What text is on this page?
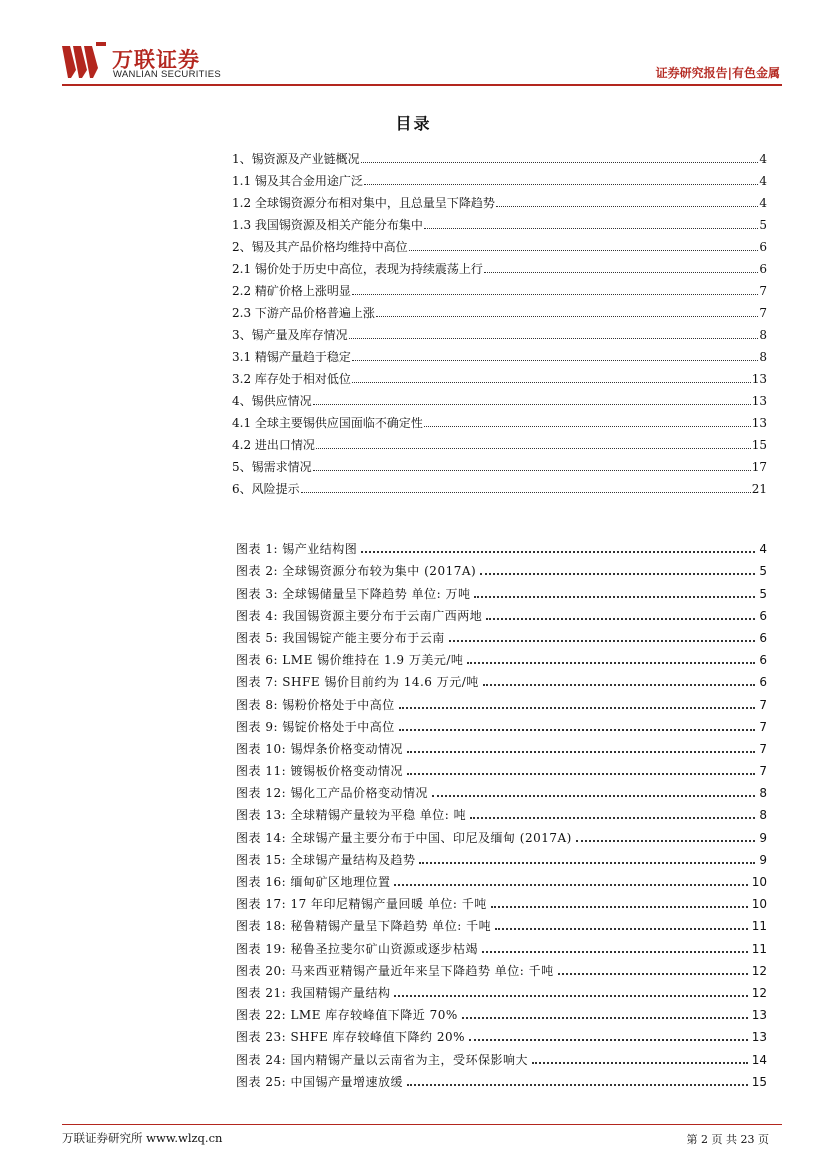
万联证券
WANLIAN SECURITIES	证券研究报告|有色金属
目录
1、锡资源及产业链概况	4
1.1 锡及其合金用途广泛	4
1.2 全球锡资源分布相对集中，且总量呈下降趋势	4
1.3 我国锡资源及相关产能分布集中	5
2、锡及其产品价格均维持中高位	6
2.1 锡价处于历史中高位，表现为持续震荡上行	6
2.2 精矿价格上涨明显	7
2.3 下游产品价格普遍上涨	7
3、锡产量及库存情况	8
3.1 精锡产量趋于稳定	8
3.2 库存处于相对低位	13
4、锡供应情况	13
4.1 全球主要锡供应国面临不确定性	13
4.2 进出口情况	15
5、锡需求情况	17
6、风险提示	21
图表 1: 锡产业结构图	4
图表 2: 全球锡资源分布较为集中 (2017A)	5
图表 3: 全球锡储量呈下降趋势 单位: 万吨	5
图表 4: 我国锡资源主要分布于云南广西两地	6
图表 5: 我国锡锭产能主要分布于云南	6
图表 6: LME 锡价维持在 1.9 万美元/吨	6
图表 7: SHFE 锡价目前约为 14.6 万元/吨	6
图表 8: 锡粉价格处于中高位	7
图表 9: 锡锭价格处于中高位	7
图表 10: 锡焊条价格变动情况	7
图表 11: 镀锡板价格变动情况	7
图表 12: 锡化工产品价格变动情况	8
图表 13: 全球精锡产量较为平稳 单位: 吨	8
图表 14: 全球锡产量主要分布于中国、印尼及缅甸 (2017A)	9
图表 15: 全球锡产量结构及趋势	9
图表 16: 缅甸矿区地理位置	10
图表 17: 17 年印尼精锡产量回暖 单位: 千吨	10
图表 18: 秘鲁精锡产量呈下降趋势 单位: 千吨	11
图表 19: 秘鲁圣拉斐尔矿山资源或逐步枯竭	11
图表 20: 马来西亚精锡产量近年来呈下降趋势 单位: 千吨	12
图表 21: 我国精锡产量结构	12
图表 22: LME 库存较峰值下降近 70%	13
图表 23: SHFE 库存较峰值下降约 20%	13
图表 24: 国内精锡产量以云南省为主，受环保影响大	14
图表 25: 中国锡产量增速放缓	15
万联证券研究所 www.wlzq.cn	第 2 页 共 23 页
